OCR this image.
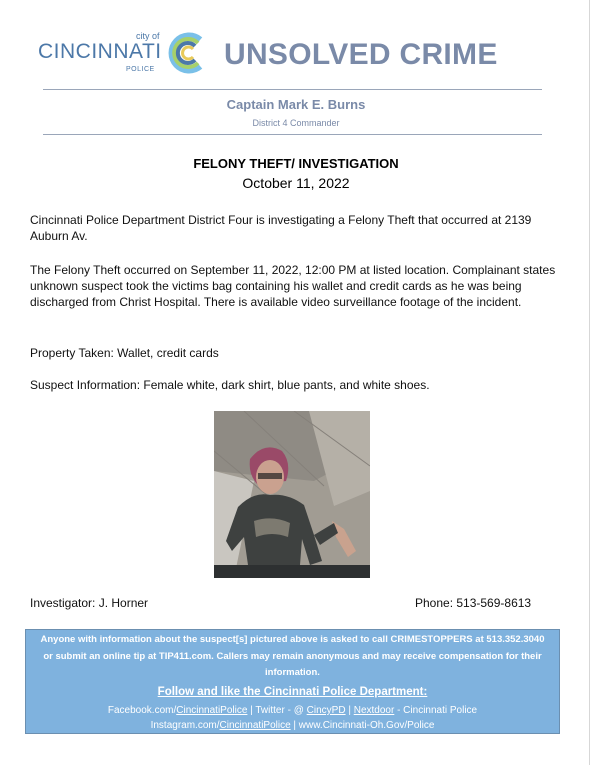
city of
CINCINNATI
POLICE UNSOLVED CRIME
Captain Mark E. Burns
District 4 Commander
FELONY THEFT/ INVESTIGATION
October 11, 2022

Cincinnati Police Department District Four is investigating a Felony Theft that occurred at 2139 Auburn Av.

The Felony Theft occurred on September 11, 2022, 12:00 PM at listed location. Complainant states unknown suspect took the victims bag containing his wallet and credit cards as he was being discharged from Christ Hospital. There is available video surveillance footage of the incident.

Property Taken: Wallet, credit cards

Suspect Information: Female white, dark shirt, blue pants, and white shoes.

Investigator: J. Horner	Phone: 513-569-8613
Anyone with information about the suspect[s] pictured above is asked to call CRIMESTOPPERS at 513.352.3040 or submit an online tip at TIP411.com. Callers may remain anonymous and may receive compensation for their information.
Follow and like the Cincinnati Police Department:
Facebook.com/CincinnatiPolice | Twitter - @ CincyPD | Nextdoor - Cincinnati Police
Instagram.com/CincinnatiPolice | www.Cincinnati-Oh.Gov/Police
